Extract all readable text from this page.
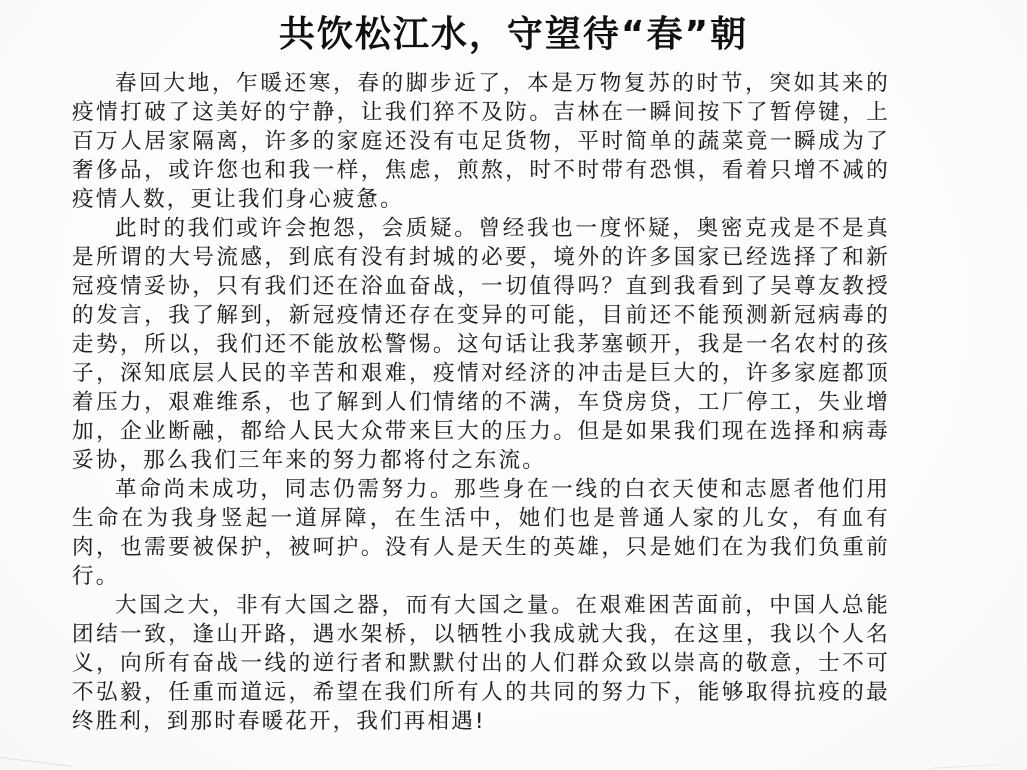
共饮松江水，守望待“春”朝

春回大地，乍暖还寒，春的脚步近了，本是万物复苏的时节，突如其来的疫情打破了这美好的宁静，让我们猝不及防。吉林在一瞬间按下了暂停键，上百万人居家隔离，许多的家庭还没有屯足货物，平时简单的蔬菜竟一瞬成为了奢侈品，或许您也和我一样，焦虑，煎熬，时不时带有恐惧，看着只增不减的疫情人数，更让我们身心疲惫。

此时的我们或许会抱怨，会质疑。曾经我也一度怀疑，奥密克戎是不是真是所谓的大号流感，到底有没有封城的必要，境外的许多国家已经选择了和新冠疫情妥协，只有我们还在浴血奋战，一切值得吗？直到我看到了吴尊友教授的发言，我了解到，新冠疫情还存在变异的可能，目前还不能预测新冠病毒的走势，所以，我们还不能放松警惕。这句话让我茅塞顿开，我是一名农村的孩子，深知底层人民的辛苦和艰难，疫情对经济的冲击是巨大的，许多家庭都顶着压力，艰难维系，也了解到人们情绪的不满，车贷房贷，工厂停工，失业增加，企业断融，都给人民大众带来巨大的压力。但是如果我们现在选择和病毒妥协，那么我们三年来的努力都将付之东流。

革命尚未成功，同志仍需努力。那些身在一线的白衣天使和志愿者他们用生命在为我身竖起一道屏障，在生活中，她们也是普通人家的儿女，有血有肉，也需要被保护，被呵护。没有人是天生的英雄，只是她们在为我们负重前行。

大国之大，非有大国之器，而有大国之量。在艰难困苦面前，中国人总能团结一致，逢山开路，遇水架桥，以牺牲小我成就大我，在这里，我以个人名义，向所有奋战一线的逆行者和默默付出的人们群众致以崇高的敬意，士不可不弘毅，任重而道远，希望在我们所有人的共同的努力下，能够取得抗疫的最终胜利，到那时春暖花开，我们再相遇!
